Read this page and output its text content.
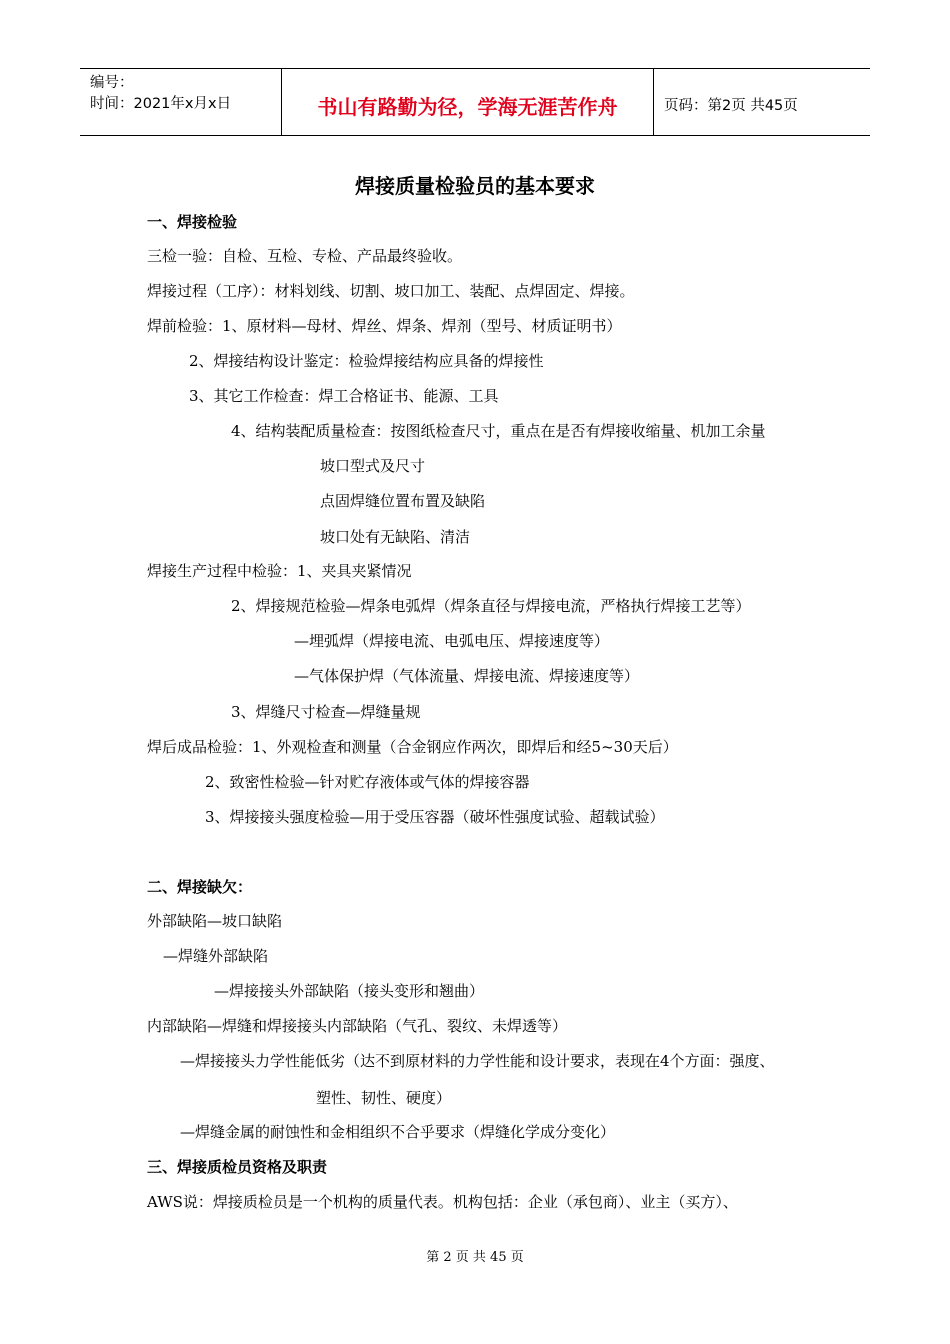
编号：
时间：2021年x月x日	书山有路勤为径，学海无涯苦作舟	页码：第2页 共45页
焊接质量检验员的基本要求
一、焊接检验
三检一验：自检、互检、专检、产品最终验收。
焊接过程（工序）：材料划线、切割、坡口加工、装配、点焊固定、焊接。
焊前检验：1、原材料—母材、焊丝、焊条、焊剂（型号、材质证明书）
2、焊接结构设计鉴定：检验焊接结构应具备的焊接性
3、其它工作检查：焊工合格证书、能源、工具
4、结构装配质量检查：按图纸检查尺寸，重点在是否有焊接收缩量、机加工余量
坡口型式及尺寸
点固焊缝位置布置及缺陷
坡口处有无缺陷、清洁
焊接生产过程中检验：1、夹具夹紧情况
2、焊接规范检验—焊条电弧焊（焊条直径与焊接电流，严格执行焊接工艺等）
—埋弧焊（焊接电流、电弧电压、焊接速度等）
—气体保护焊（气体流量、焊接电流、焊接速度等）
3、焊缝尺寸检查—焊缝量规
焊后成品检验：1、外观检查和测量（合金钢应作两次，即焊后和经5~30天后）
2、致密性检验—针对贮存液体或气体的焊接容器
3、焊接接头强度检验—用于受压容器（破坏性强度试验、超载试验）
二、焊接缺欠：
外部缺陷—坡口缺陷
—焊缝外部缺陷
—焊接接头外部缺陷（接头变形和翘曲）
内部缺陷—焊缝和焊接接头内部缺陷（气孔、裂纹、未焊透等）
—焊接接头力学性能低劣（达不到原材料的力学性能和设计要求，表现在4个方面：强度、
塑性、韧性、硬度）
—焊缝金属的耐蚀性和金相组织不合乎要求（焊缝化学成分变化）
三、焊接质检员资格及职责
AWS说：焊接质检员是一个机构的质量代表。机构包括：企业（承包商）、业主（买方）、
第 2 页 共 45 页
